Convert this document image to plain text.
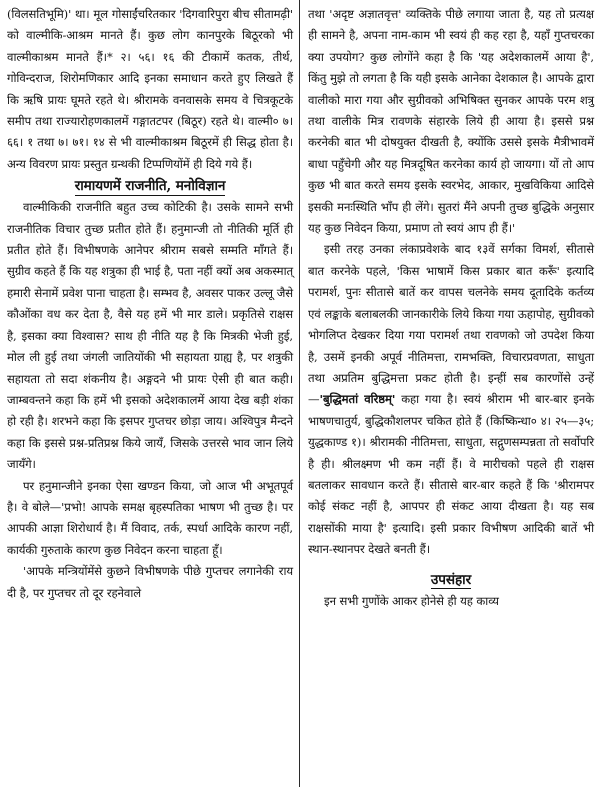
(विलसतिभूमि)' था। मूल गोसाईंचरितकार 'दिगवारिपुरा बीच सीतामढ़ी' को वाल्मीकि-आश्रम मानते हैं। कुछ लोग कानपुरके बिठूरको भी वाल्मीकाश्रम मानते हैं।* २। ५६। १६ की टीकामें कतक, तीर्थ, गोविन्दराज, शिरोमणिकार आदि इनका समाधान करते हुए लिखते हैं कि ऋषि प्रायः घूमते रहते थे। श्रीरामके वनवासके समय वे चित्रकूटके समीप तथा राज्यारोहणकालमें गङ्गातटपर (बिठूर) रहते थे। वाल्मी० ७। ६६। १ तथा ७। ७१। १४ से भी वाल्मीकाश्रम बिठूरमें ही सिद्ध होता है। अन्य विवरण प्रायः प्रस्तुत ग्रन्थकी टिप्पणियोंमें ही दिये गये हैं।

रामायणमें राजनीति, मनोविज्ञान

वाल्मीकिकी राजनीति बहुत उच्च कोटिकी है। उसके सामने सभी राजनीतिक विचार तुच्छ प्रतीत होते हैं। हनुमान्जी तो नीतिकी मूर्ति ही प्रतीत होते हैं। विभीषणके आनेपर श्रीराम सबसे सम्मति माँगते हैं। सुग्रीव कहते हैं कि यह शत्रुका ही भाई है, पता नहीं क्यों अब अकस्मात् हमारी सेनामें प्रवेश पाना चाहता है। सम्भव है, अवसर पाकर उल्लू जैसे कौओंका वध कर देता है, वैसे यह हमें भी मार डाले। प्रकृतिसे राक्षस है, इसका क्या विश्वास? साथ ही नीति यह है कि मित्रकी भेजी हुई, मोल ली हुई तथा जंगली जातियोंकी भी सहायता ग्राह्य है, पर शत्रुकी सहायता तो सदा शंकनीय है। अङ्गदने भी प्रायः ऐसी ही बात कही। जाम्बवन्तने कहा कि हमें भी इसको अदेशकालमें आया देख बड़ी शंका हो रही है। शरभने कहा कि इसपर गुप्तचर छोड़ा जाय। अश्विपुत्र मैन्दने कहा कि इससे प्रश्न-प्रतिप्रश्न किये जायँ, जिसके उत्तरसे भाव जान लिये जायँगे।

पर हनुमान्जीने इनका ऐसा खण्डन किया, जो आज भी अभूतपूर्व है। वे बोले—'प्रभो! आपके समक्ष बृहस्पतिका भाषण भी तुच्छ है। पर आपकी आज्ञा शिरोधार्य है। मैं विवाद, तर्क, स्पर्धा आदिके कारण नहीं, कार्यकी गुरुताके कारण कुछ निवेदन करना चाहता हूँ।

'आपके मन्त्रियोंमेंसे कुछने विभीषणके पीछे गुप्तचर लगानेकी राय दी है, पर गुप्तचर तो दूर रहनेवाले

तथा 'अदृष्ट अज्ञातवृत्त' व्यक्तिके पीछे लगाया जाता है, यह तो प्रत्यक्ष ही सामने है, अपना नाम-काम भी स्वयं ही कह रहा है, यहाँ गुप्तचरका क्या उपयोग? कुछ लोगोंने कहा है कि 'यह अदेशकालमें आया है', किंतु मुझे तो लगता है कि यही इसके आनेका देशकाल है। आपके द्वारा वालीको मारा गया और सुग्रीवको अभिषिक्त सुनकर आपके परम शत्रु तथा वालीके मित्र रावणके संहारके लिये ही आया है। इससे प्रश्न करनेकी बात भी दोषयुक्त दीखती है, क्योंकि उससे इसके मैत्रीभावमें बाधा पहुँचेगी और यह मित्रदूषित करनेका कार्य हो जायगा। यों तो आप कुछ भी बात करते समय इसके स्वरभेद, आकार, मुखविकिया आदिसे इसकी मनःस्थिति भाँप ही लेंगे। सुतरां मैंने अपनी तुच्छ बुद्धिके अनुसार यह कुछ निवेदन किया, प्रमाण तो स्वयं आप ही हैं।'

इसी तरह उनका लंकाप्रवेशके बाद १३वें सर्गका विमर्श, सीतासे बात करनेके पहले, 'किस भाषामें किस प्रकार बात करूँ' इत्यादि परामर्श, पुनः सीतासे बातें कर वापस चलनेके समय दूतादिके कर्तव्य एवं लङ्काके बलाबलकी जानकारीके लिये किया गया ऊहापोह, सुग्रीवको भोगलिप्त देखकर दिया गया परामर्श तथा रावणको जो उपदेश किया है, उसमें इनकी अपूर्व नीतिमत्ता, रामभक्ति, विचारप्रवणता, साधुता तथा अप्रतिम बुद्धिमत्ता प्रकट होती है। इन्हीं सब कारणोंसे उन्हें—'बुद्धिमतां वरिष्ठम्' कहा गया है। स्वयं श्रीराम भी बार-बार इनके भाषणचातुर्य, बुद्धिकौशलपर चकित होते हैं (किष्किन्धा० ४। २५—३५; युद्धकाण्ड १)। श्रीरामकी नीतिमत्ता, साधुता, सद्गुणसम्पन्नता तो सर्वोपरि है ही। श्रीलक्ष्मण भी कम नहीं हैं। वे मारीचको पहले ही राक्षस बतलाकर सावधान करते हैं। सीतासे बार-बार कहते हैं कि 'श्रीरामपर कोई संकट नहीं है, आपपर ही संकट आया दीखता है। यह सब राक्षसोंकी माया है' इत्यादि। इसी प्रकार विभीषण आदिकी बातें भी स्थान-स्थानपर देखते बनती हैं।

उपसंहार

इन सभी गुणोंके आकर होनेसे ही यह काव्य
